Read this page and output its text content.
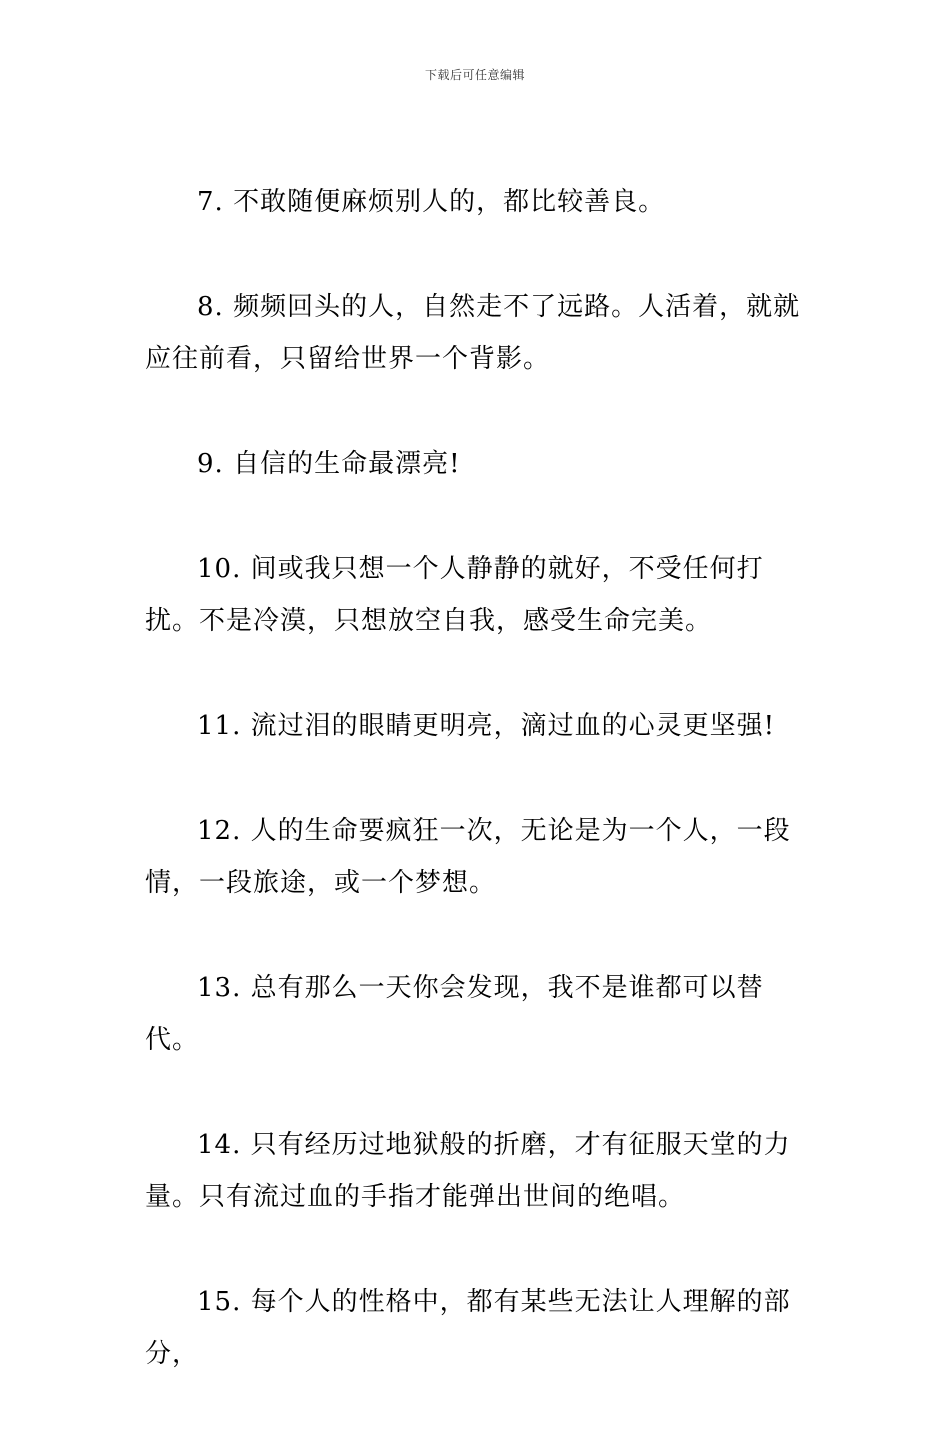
下载后可任意编辑

7. 不敢随便麻烦别人的，都比较善良。

8. 频频回头的人，自然走不了远路。人活着，就就应往前看，只留给世界一个背影。

9. 自信的生命最漂亮!

10. 间或我只想一个人静静的就好，不受任何打扰。不是冷漠，只想放空自我，感受生命完美。

11. 流过泪的眼睛更明亮，滴过血的心灵更坚强!

12. 人的生命要疯狂一次，无论是为一个人，一段情，一段旅途，或一个梦想。

13. 总有那么一天你会发现，我不是谁都可以替代。

14. 只有经历过地狱般的折磨，才有征服天堂的力量。只有流过血的手指才能弹出世间的绝唱。

15. 每个人的性格中，都有某些无法让人理解的部分，
